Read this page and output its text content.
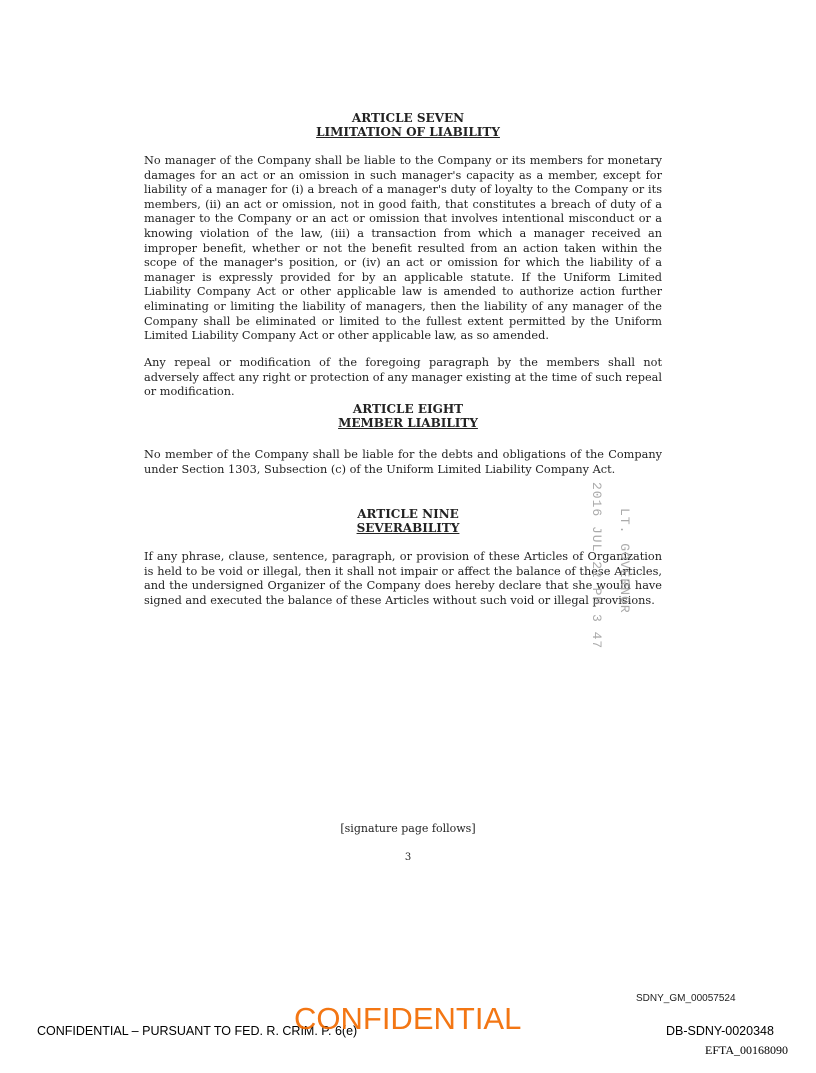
ARTICLE SEVEN
LIMITATION OF LIABILITY

No manager of the Company shall be liable to the Company or its members for monetary damages for an act or an omission in such manager's capacity as a member, except for liability of a manager for (i) a breach of a manager's duty of loyalty to the Company or its members, (ii) an act or omission, not in good faith, that constitutes a breach of duty of a manager to the Company or an act or omission that involves intentional misconduct or a knowing violation of the law, (iii) a transaction from which a manager received an improper benefit, whether or not the benefit resulted from an action taken within the scope of the manager's position, or (iv) an act or omission for which the liability of a manager is expressly provided for by an applicable statute. If the Uniform Limited Liability Company Act or other applicable law is amended to authorize action further eliminating or limiting the liability of managers, then the liability of any manager of the Company shall be eliminated or limited to the fullest extent permitted by the Uniform Limited Liability Company Act or other applicable law, as so amended.

Any repeal or modification of the foregoing paragraph by the members shall not adversely affect any right or protection of any manager existing at the time of such repeal or modification.

ARTICLE EIGHT
MEMBER LIABILITY

No member of the Company shall be liable for the debts and obligations of the Company under Section 1303, Subsection (c) of the Uniform Limited Liability Company Act.

ARTICLE NINE
SEVERABILITY

If any phrase, clause, sentence, paragraph, or provision of these Articles of Organization is held to be void or illegal, then it shall not impair or affect the balance of these Articles, and the undersigned Organizer of the Company does hereby declare that she would have signed and executed the balance of these Articles without such void or illegal provisions.

2016 JUL 22 PM 3 47 LT. GOVERNOR
[signature page follows]
3
SDNY_GM_00057524
CONFIDENTIAL – PURSUANT TO FED. R. CRIM. P. 6(e)
CONFIDENTIAL	DB-SDNY-0020348
EFTA_00168090
